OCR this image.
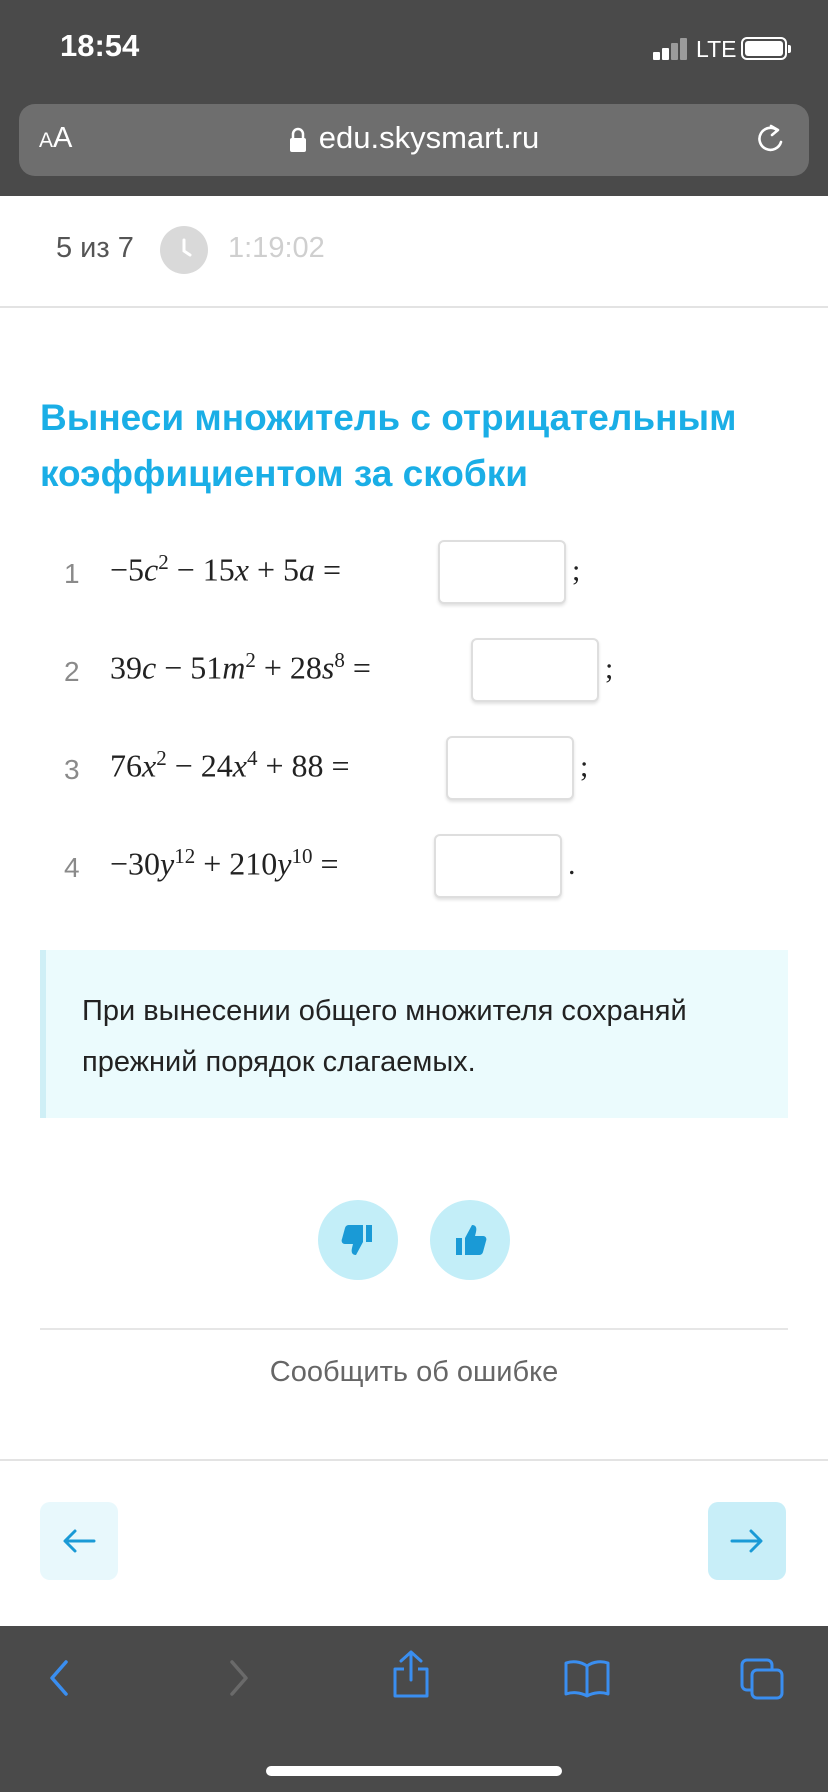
18:54	LTE
AA	edu.skysmart.ru
5 из 7	1:19:02
Вынеси множитель с отрицательным коэффициентом за скобки
$1 -5c^2 - 15x + 5a$ =	;
2 $39c - 51m^2 + 28s^8$ =	;
3 $76x^2 - 24x^4 + 88$ =	;
$4 -30y^{12} + 210y^{10}$ =	.
При вынесении общего множителя сохраняй прежний порядок слагаемых.
Сообщить об ошибке
